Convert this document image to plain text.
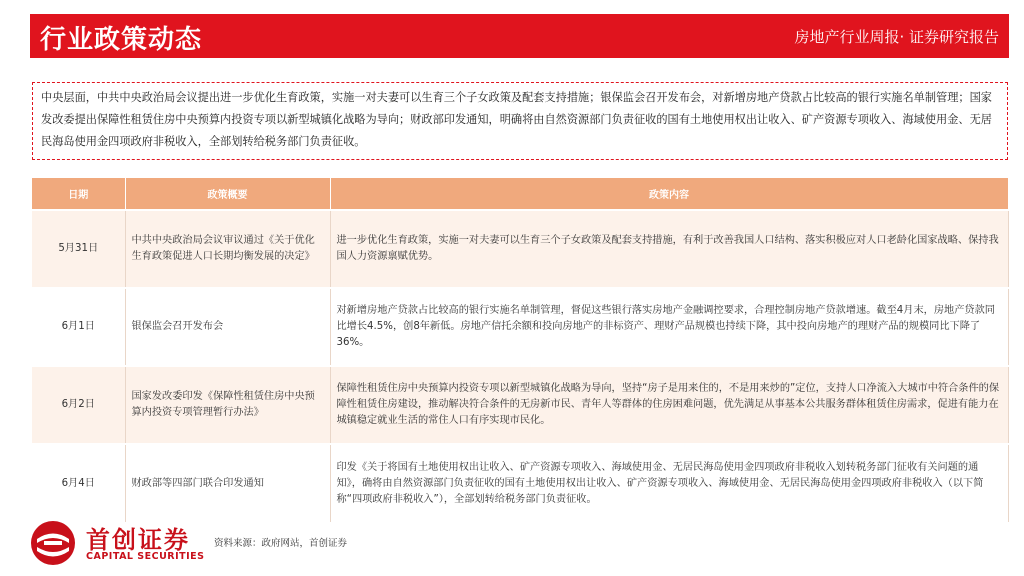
行业政策动态	房地产行业周报· 证券研究报告
中央层面，中共中央政治局会议提出进一步优化生育政策，实施一对夫妻可以生育三个子女政策及配套支持措施；银保监会召开发布会，对新增房地产贷款占比较高的银行实施名单制管理；国家发改委提出保障性租赁住房中央预算内投资专项以新型城镇化战略为导向；财政部印发通知，明确将由自然资源部门负责征收的国有土地使用权出让收入、矿产资源专项收入、海域使用金、无居民海岛使用金四项政府非税收入，全部划转给税务部门负责征收。
日期	政策概要	政策内容
5月31日	中共中央政治局会议审议通过《关于优化生育政策促进人口长期均衡发展的决定》	进一步优化生育政策，实施一对夫妻可以生育三个子女政策及配套支持措施，有利于改善我国人口结构、落实积极应对人口老龄化国家战略、保持我国人力资源禀赋优势。
6月1日	银保监会召开发布会	对新增房地产贷款占比较高的银行实施名单制管理，督促这些银行落实房地产金融调控要求，合理控制房地产贷款增速。截至4月末，房地产贷款同比增长4.5%，创8年新低。房地产信托余额和投向房地产的非标资产、理财产品规模也持续下降，其中投向房地产的理财产品的规模同比下降了36%。
6月2日	国家发改委印发《保障性租赁住房中央预算内投资专项管理暂行办法》	保障性租赁住房中央预算内投资专项以新型城镇化战略为导向，坚持“房子是用来住的，不是用来炒的”定位，支持人口净流入大城市中符合条件的保障性租赁住房建设，推动解决符合条件的无房新市民、青年人等群体的住房困难问题，优先满足从事基本公共服务群体租赁住房需求，促进有能力在城镇稳定就业生活的常住人口有序实现市民化。
6月4日	财政部等四部门联合印发通知	印发《关于将国有土地使用权出让收入、矿产资源专项收入、海域使用金、无居民海岛使用金四项政府非税收入划转税务部门征收有关问题的通知》，确将由自然资源部门负责征收的国有土地使用权出让收入、矿产资源专项收入、海域使用金、无居民海岛使用金四项政府非税收入（以下简称“四项政府非税收入”），全部划转给税务部门负责征收。
首创证券
CAPITAL SECURITIES
资料来源：政府网站，首创证券
